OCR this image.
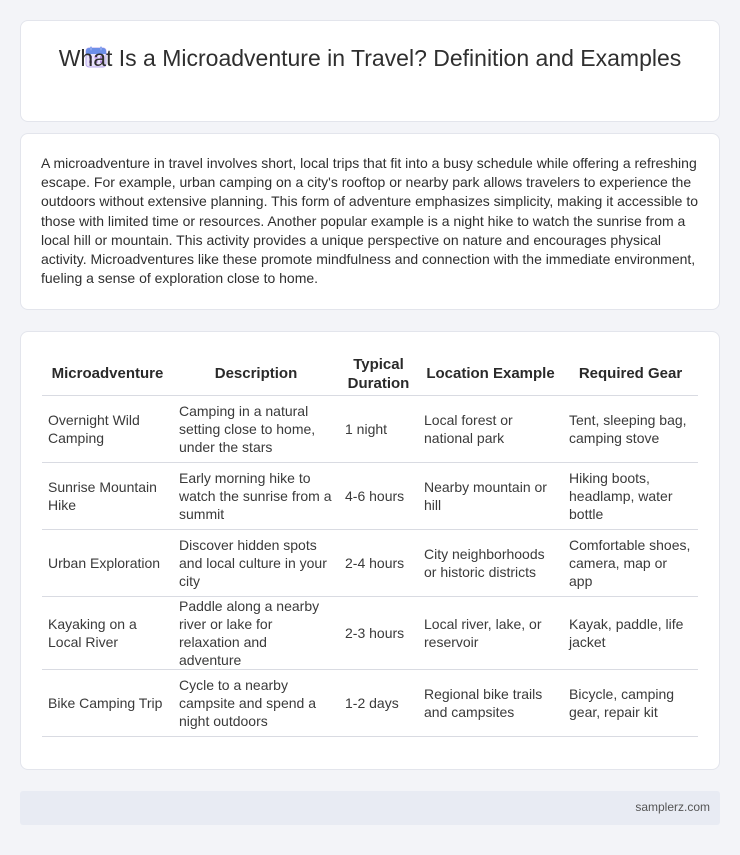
What Is a Microadventure in Travel? Definition and Examples

A microadventure in travel involves short, local trips that fit into a busy schedule while offering a refreshing escape. For example, urban camping on a city's rooftop or nearby park allows travelers to experience the outdoors without extensive planning. This form of adventure emphasizes simplicity, making it accessible to those with limited time or resources. Another popular example is a night hike to watch the sunrise from a local hill or mountain. This activity provides a unique perspective on nature and encourages physical activity. Microadventures like these promote mindfulness and connection with the immediate environment, fueling a sense of exploration close to home.

Microadventure	Description	Typical Duration	Location Example	Required Gear
Overnight Wild Camping	Camping in a natural setting close to home, under the stars	1 night	Local forest or national park	Tent, sleeping bag, camping stove
Sunrise Mountain Hike	Early morning hike to watch the sunrise from a summit	4-6 hours	Nearby mountain or hill	Hiking boots, headlamp, water bottle
Urban Exploration	Discover hidden spots and local culture in your city	2-4 hours	City neighborhoods or historic districts	Comfortable shoes, camera, map or app
Kayaking on a Local River	Paddle along a nearby river or lake for relaxation and adventure	2-3 hours	Local river, lake, or reservoir	Kayak, paddle, life jacket
Bike Camping Trip	Cycle to a nearby campsite and spend a night outdoors	1-2 days	Regional bike trails and campsites	Bicycle, camping gear, repair kit
samplerz.com
